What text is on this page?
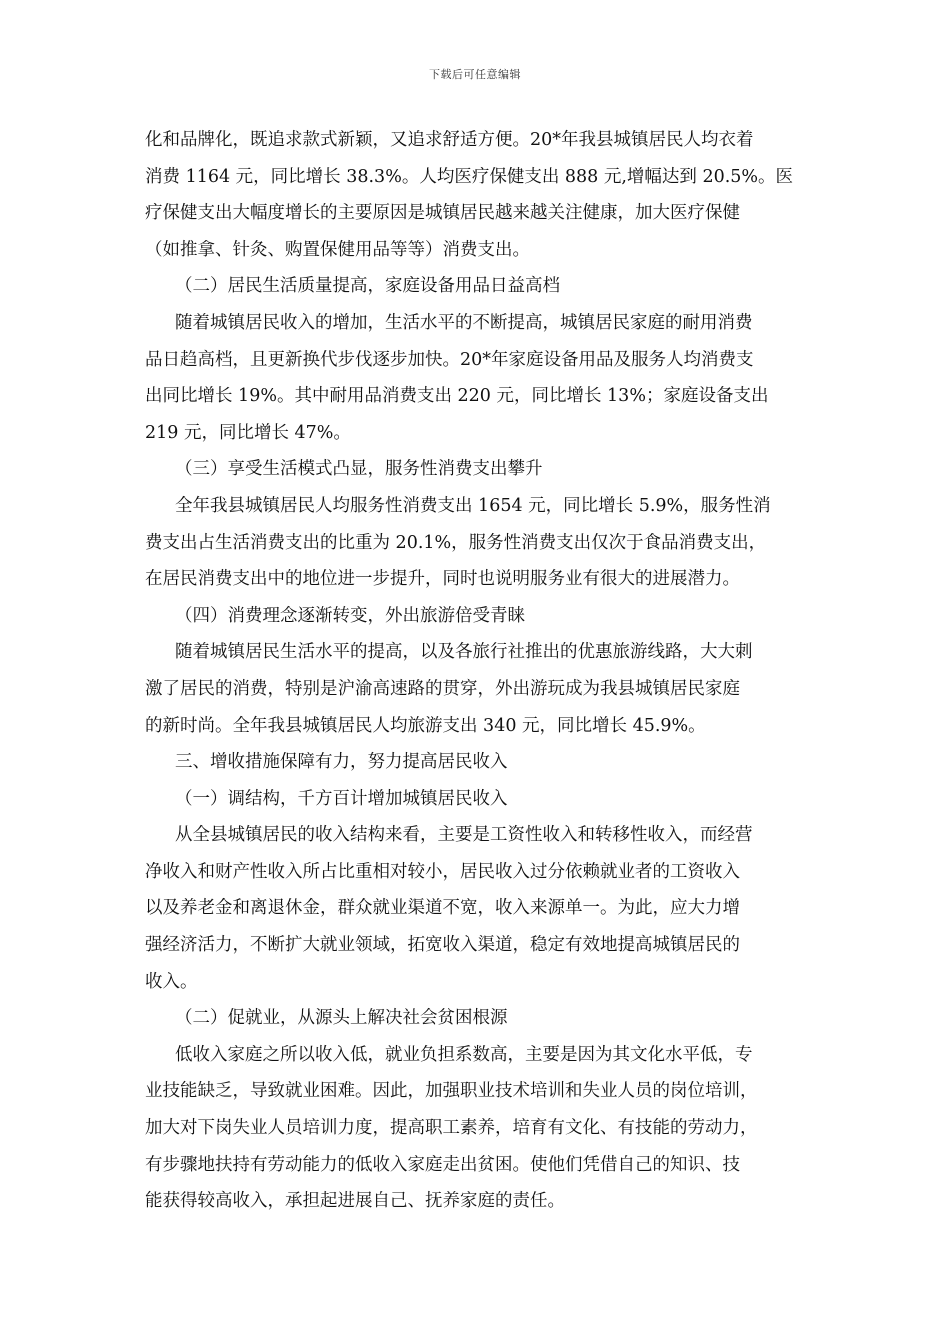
下载后可任意编辑
化和品牌化，既追求款式新颖，又追求舒适方便。20*年我县城镇居民人均衣着
消费 1164 元，同比增长 38.3%。人均医疗保健支出 888 元,增幅达到 20.5%。医
疗保健支出大幅度增长的主要原因是城镇居民越来越关注健康，加大医疗保健
（如推拿、针灸、购置保健用品等等）消费支出。
（二）居民生活质量提高，家庭设备用品日益高档
随着城镇居民收入的增加，生活水平的不断提高，城镇居民家庭的耐用消费
品日趋高档，且更新换代步伐逐步加快。20*年家庭设备用品及服务人均消费支
出同比增长 19%。其中耐用品消费支出 220 元，同比增长 13%；家庭设备支出
219 元，同比增长 47%。
（三）享受生活模式凸显，服务性消费支出攀升
全年我县城镇居民人均服务性消费支出 1654 元，同比增长 5.9%，服务性消
费支出占生活消费支出的比重为 20.1%，服务性消费支出仅次于食品消费支出，
在居民消费支出中的地位进一步提升，同时也说明服务业有很大的进展潜力。
（四）消费理念逐渐转变，外出旅游倍受青睐
随着城镇居民生活水平的提高，以及各旅行社推出的优惠旅游线路，大大刺
激了居民的消费，特别是沪渝高速路的贯穿，外出游玩成为我县城镇居民家庭
的新时尚。全年我县城镇居民人均旅游支出 340 元，同比增长 45.9%。
三、增收措施保障有力，努力提高居民收入
（一）调结构，千方百计增加城镇居民收入
从全县城镇居民的收入结构来看，主要是工资性收入和转移性收入，而经营
净收入和财产性收入所占比重相对较小，居民收入过分依赖就业者的工资收入
以及养老金和离退休金，群众就业渠道不宽，收入来源单一。为此，应大力增
强经济活力，不断扩大就业领域，拓宽收入渠道，稳定有效地提高城镇居民的
收入。
（二）促就业，从源头上解决社会贫困根源
低收入家庭之所以收入低，就业负担系数高，主要是因为其文化水平低，专
业技能缺乏，导致就业困难。因此，加强职业技术培训和失业人员的岗位培训，
加大对下岗失业人员培训力度，提高职工素养，培育有文化、有技能的劳动力，
有步骤地扶持有劳动能力的低收入家庭走出贫困。使他们凭借自己的知识、技
能获得较高收入，承担起进展自己、抚养家庭的责任。
